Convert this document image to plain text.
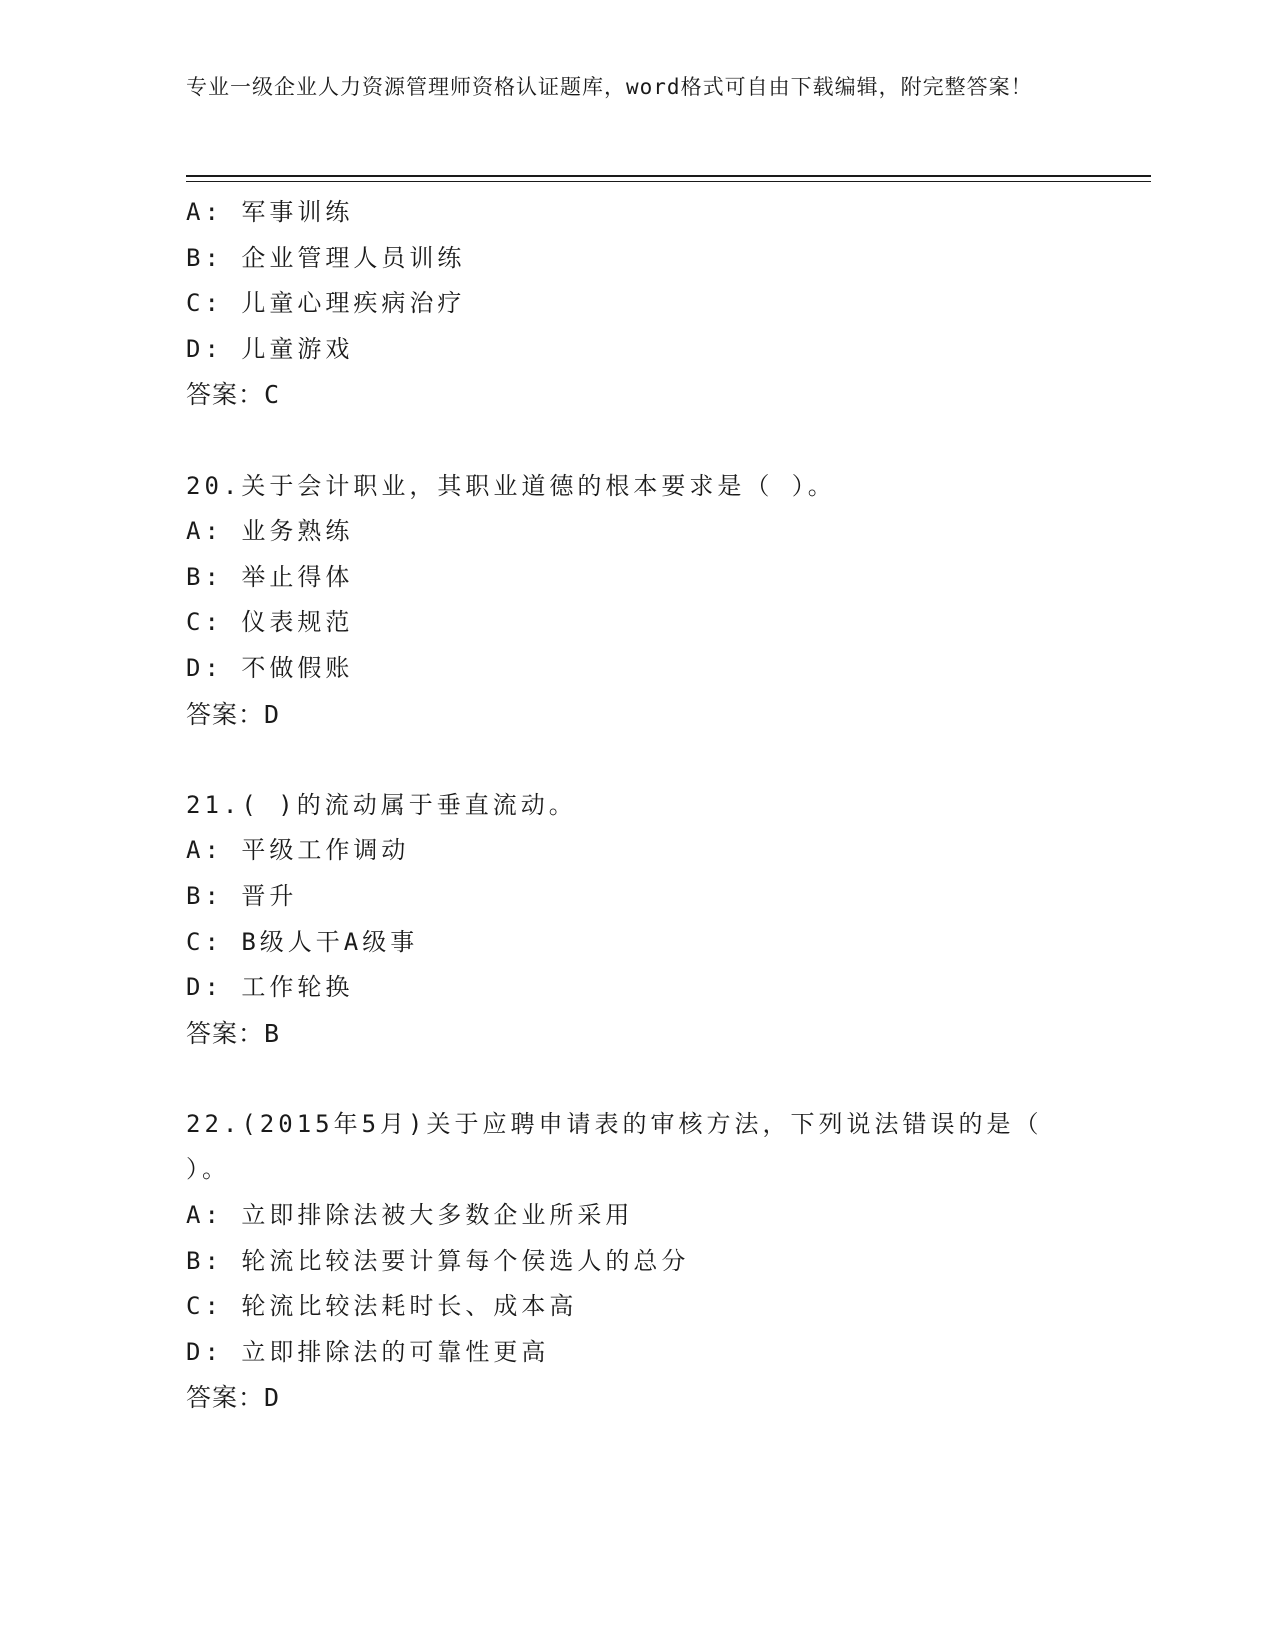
专业一级企业人力资源管理师资格认证题库，word格式可自由下载编辑，附完整答案！
A: 军事训练
B: 企业管理人员训练
C: 儿童心理疾病治疗
D: 儿童游戏
答案：C
20.关于会计职业，其职业道德的根本要求是（ ）。
A: 业务熟练
B: 举止得体
C: 仪表规范
D: 不做假账
答案：D
21.( )的流动属于垂直流动。
A: 平级工作调动
B: 晋升
C: B级人干A级事
D: 工作轮换
答案：B
22.(2015年5月)关于应聘申请表的审核方法，下列说法错误的是（
）。
A: 立即排除法被大多数企业所采用
B: 轮流比较法要计算每个侯选人的总分
C: 轮流比较法耗时长、成本高
D: 立即排除法的可靠性更高
答案：D
